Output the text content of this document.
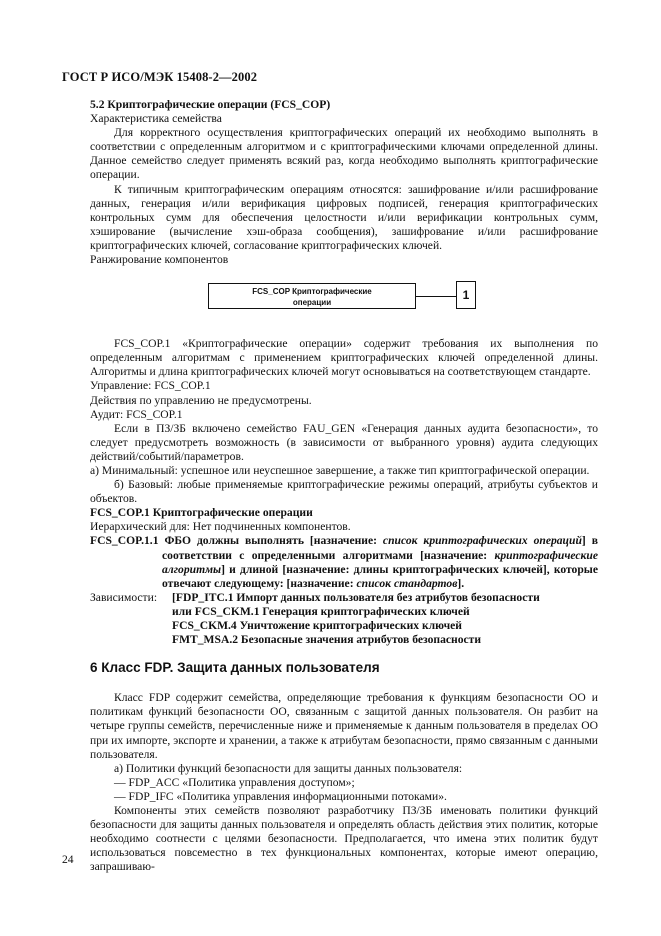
ГОСТ Р ИСО/МЭК 15408-2—2002

5.2 Криптографические операции (FCS_COP)

Характеристика семейства

Для корректного осуществления криптографических операций их необходимо выполнять в соответствии с определенным алгоритмом и с криптографическими ключами определенной длины. Данное семейство следует применять всякий раз, когда необходимо выполнять криптографические операции.

К типичным криптографическим операциям относятся: зашифрование и/или расшифрование данных, генерация и/или верификация цифровых подписей, генерация криптографических контрольных сумм для обеспечения целостности и/или верификации контрольных сумм, хэширование (вычисление хэш-образа сообщения), зашифрование и/или расшифрование криптографических ключей, согласование криптографических ключей.

Ранжирование компонентов

FCS_COP Криптографические
операции
1

FCS_COP.1 «Криптографические операции» содержит требования их выполнения по определенным алгоритмам с применением криптографических ключей определенной длины. Алгоритмы и длина криптографических ключей могут основываться на соответствующем стандарте.

Управление: FCS_COP.1

Действия по управлению не предусмотрены.

Аудит: FCS_COP.1

Если в ПЗ/ЗБ включено семейство FAU_GEN «Генерация данных аудита безопасности», то следует предусмотреть возможность (в зависимости от выбранного уровня) аудита следующих действий/событий/параметров.

а) Минимальный: успешное или неуспешное завершение, а также тип криптографической операции.

б) Базовый: любые применяемые криптографические режимы операций, атрибуты субъектов и объектов.

FCS_COP.1 Криптографические операции

Иерархический для: Нет подчиненных компонентов.

FCS_COP.1.1 ФБО должны выполнять [назначение: список криптографических операций] в соответствии с определенными алгоритмами [назначение: криптографические алгоритмы] и длиной [назначение: длины криптографических ключей], которые отвечают следующему: [назначение: список стандартов].

Зависимости:	[FDP_ITC.1 Импорт данных пользователя без атрибутов безопасности
или FCS_CKM.1 Генерация криптографических ключей
FCS_CKM.4 Уничтожение криптографических ключей
FMT_MSA.2 Безопасные значения атрибутов безопасности
6 Класс FDP. Защита данных пользователя

Класс FDP содержит семейства, определяющие требования к функциям безопасности ОО и политикам функций безопасности ОО, связанным с защитой данных пользователя. Он разбит на четыре группы семейств, перечисленные ниже и применяемые к данным пользователя в пределах ОО при их импорте, экспорте и хранении, а также к атрибутам безопасности, прямо связанным с данными пользователя.

а) Политики функций безопасности для защиты данных пользователя:

— FDP_ACC «Политика управления доступом»;

— FDP_IFC «Политика управления информационными потоками».

Компоненты этих семейств позволяют разработчику ПЗ/ЗБ именовать политики функций безопасности для защиты данных пользователя и определять область действия этих политик, которые необходимо соотнести с целями безопасности. Предполагается, что имена этих политик будут использоваться повсеместно в тех функциональных компонентах, которые имеют операцию, запрашиваю-

24
